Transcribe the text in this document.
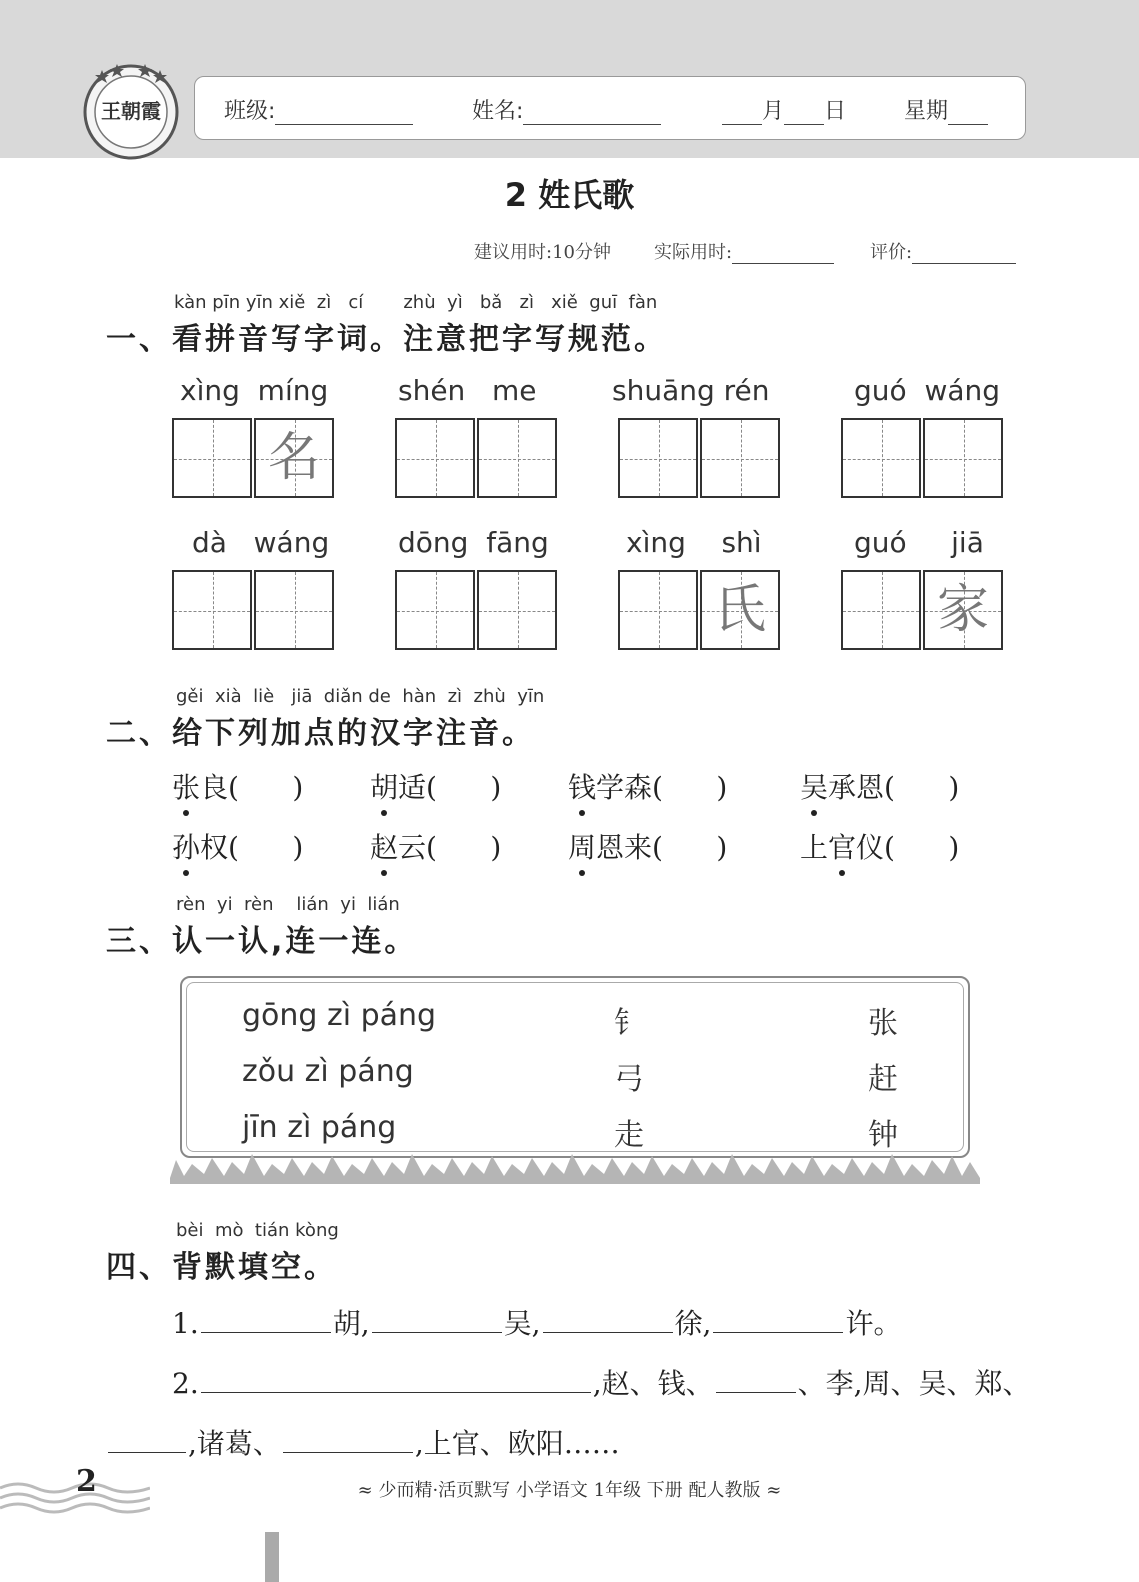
王朝霞	班级:	姓名:	月 日	星期
2 姓氏歌
建议用时:10分钟 实际用时:	评价:
kàn pīn yīn xiě  zì   cí       zhù  yì   bǎ   zì   xiě  guī  fàn
一、看拼音写字词。注意把字写规范。
xìng  míng shén   me	shuāng rén	guó  wáng
名
dà   wáng dōng  fāng	xìng    shì	guó     jiā
氏	家
gěi  xià  liè   jiā  diǎn de  hàn  zì  zhù  yīn
二、给下列加点的汉字注音。
张良(      ) 胡适(      ) 钱学森(      )	吴承恩(      )
孙权(      ) 赵云(      ) 周恩来(      )	上官仪(      )
rèn  yi  rèn    lián  yi  lián
三、认一认,连一连。
gōng zì páng
zǒu zì páng
jīn zì páng
钅
弓
走
张
赶
钟
bèi  mò  tián kòng
四、背默填空。
1.	胡,	吴,	徐,	许。
2.	,赵、钱、	、李,周、吴、郑、
,诸葛、	,上官、欧阳……
2	≈ 少而精·活页默写 小学语文 1年级 下册 配人教版 ≈
